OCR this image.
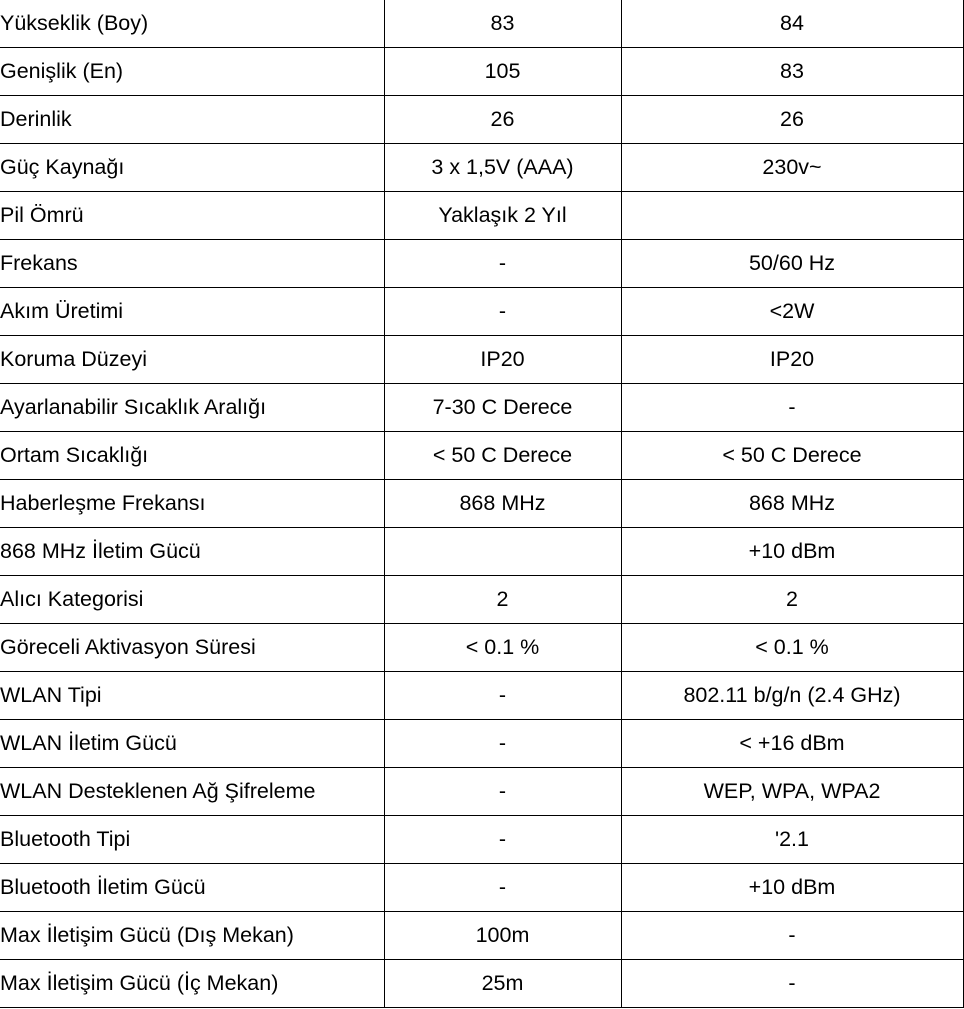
Yükseklik (Boy)	83	84
Genişlik (En)	105	83
Derinlik	26	26
Güç Kaynağı	3 x 1,5V (AAA)	230v~
Pil Ömrü	Yaklaşık 2 Yıl	
Frekans	-	50/60 Hz
Akım Üretimi	-	<2W
Koruma Düzeyi	IP20	IP20
Ayarlanabilir Sıcaklık Aralığı	7-30 C Derece	-
Ortam Sıcaklığı	< 50 C Derece	< 50 C Derece
Haberleşme Frekansı	868 MHz	868 MHz
868 MHz İletim Gücü		+10 dBm
Alıcı Kategorisi	2	2
Göreceli Aktivasyon Süresi	< 0.1 %	< 0.1 %
WLAN Tipi	-	802.11 b/g/n (2.4 GHz)
WLAN İletim Gücü	-	< +16 dBm
WLAN Desteklenen Ağ Şifreleme	-	WEP, WPA, WPA2
Bluetooth Tipi	-	'2.1
Bluetooth İletim Gücü	-	+10 dBm
Max İletişim Gücü (Dış Mekan)	100m	-
Max İletişim Gücü (İç Mekan)	25m	-
